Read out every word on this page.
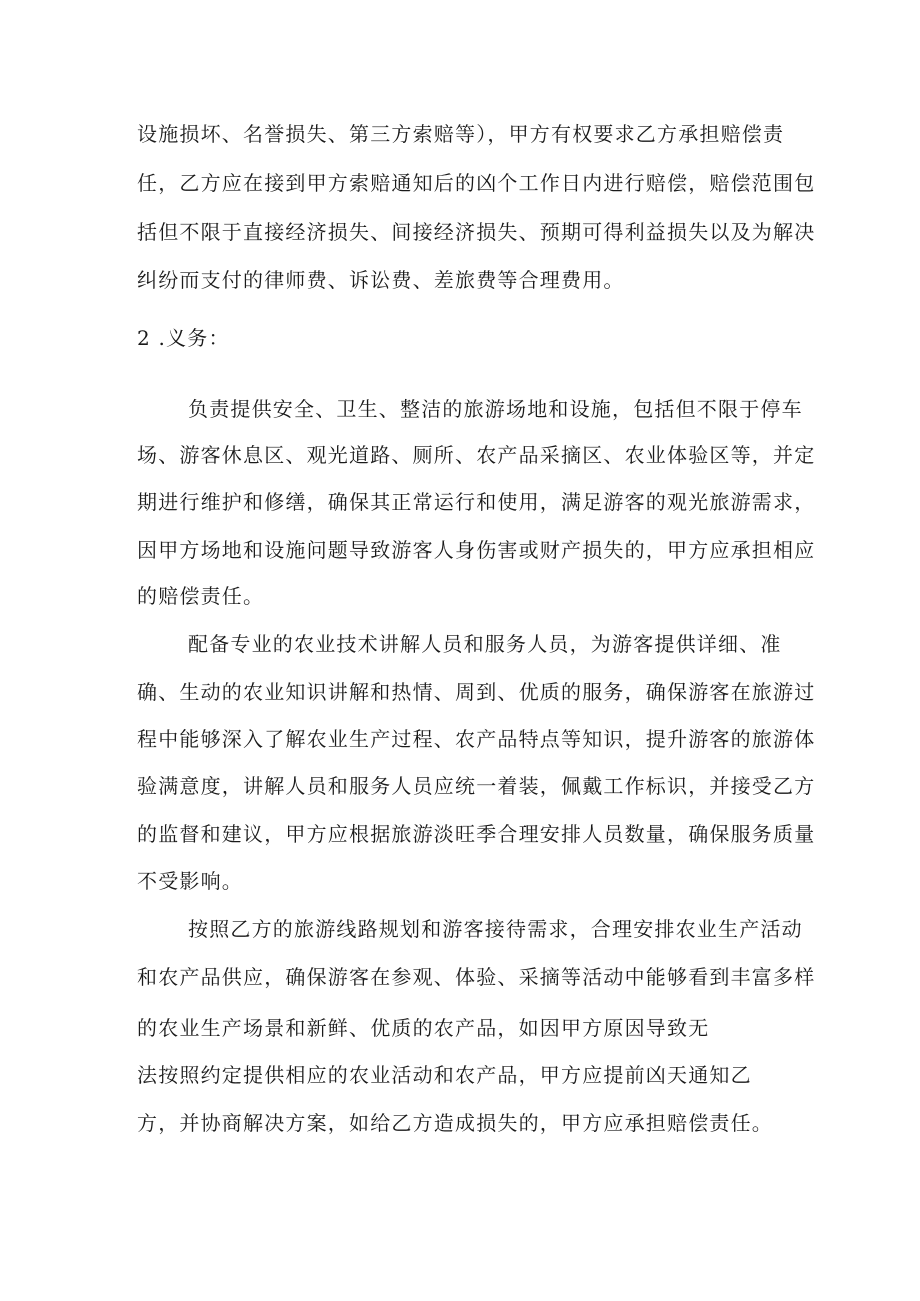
设施损坏、名誉损失、第三方索赔等），甲方有权要求乙方承担赔偿责
任，乙方应在接到甲方索赔通知后的凶个工作日内进行赔偿，赔偿范围包
括但不限于直接经济损失、间接经济损失、预期可得利益损失以及为解决
纠纷而支付的律师费、诉讼费、差旅费等合理费用。
2 .义务：
负责提供安全、卫生、整洁的旅游场地和设施，包括但不限于停车
场、游客休息区、观光道路、厕所、农产品采摘区、农业体验区等，并定
期进行维护和修缮，确保其正常运行和使用，满足游客的观光旅游需求，
因甲方场地和设施问题导致游客人身伤害或财产损失的，甲方应承担相应
的赔偿责任。
配备专业的农业技术讲解人员和服务人员，为游客提供详细、准
确、生动的农业知识讲解和热情、周到、优质的服务，确保游客在旅游过
程中能够深入了解农业生产过程、农产品特点等知识，提升游客的旅游体
验满意度，讲解人员和服务人员应统一着装，佩戴工作标识，并接受乙方
的监督和建议，甲方应根据旅游淡旺季合理安排人员数量，确保服务质量
不受影响。
按照乙方的旅游线路规划和游客接待需求，合理安排农业生产活动
和农产品供应，确保游客在参观、体验、采摘等活动中能够看到丰富多样
的农业生产场景和新鲜、优质的农产品，如因甲方原因导致无
法按照约定提供相应的农业活动和农产品，甲方应提前凶天通知乙
方，并协商解决方案，如给乙方造成损失的，甲方应承担赔偿责任。
